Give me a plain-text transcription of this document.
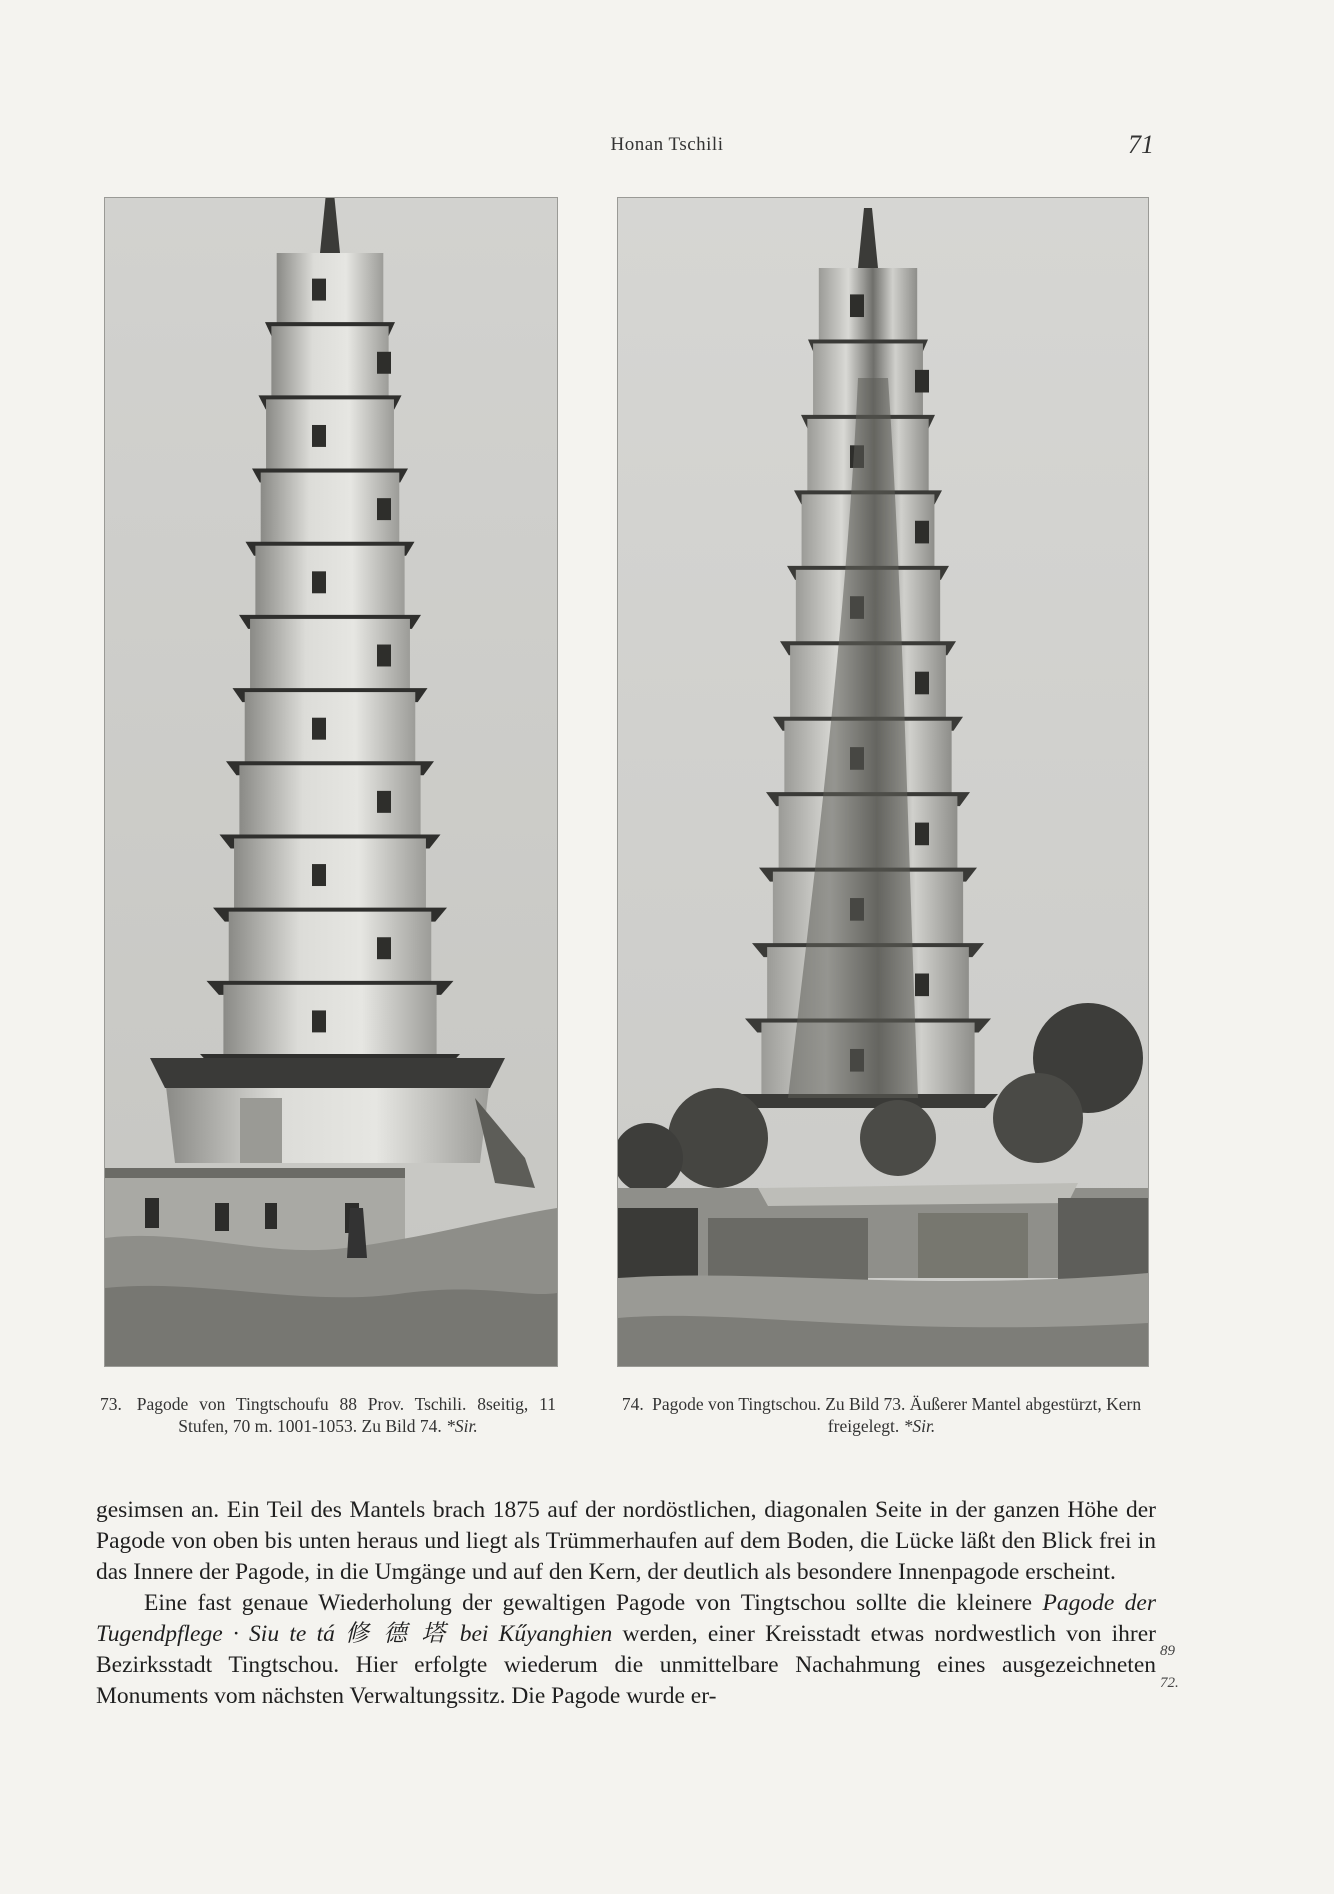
Honan Tschili	71
73. Pagode von Tingtschoufu 88 Prov. Tschili. 8seitig, 11 Stufen, 70 m. 1001-1053. Zu Bild 74. *Sir.
74. Pagode von Tingtschou. Zu Bild 73. Äußerer Mantel abgestürzt, Kern freigelegt. *Sir.

gesimsen an. Ein Teil des Mantels brach 1875 auf der nordöstlichen, diagonalen Seite in der ganzen Höhe der Pagode von oben bis unten heraus und liegt als Trümmerhaufen auf dem Boden, die Lücke läßt den Blick frei in das Innere der Pagode, in die Umgänge und auf den Kern, der deutlich als besondere Innenpagode erscheint.

Eine fast genaue Wiederholung der gewaltigen Pagode von Tingtschou sollte die kleinere Pagode der Tugendpflege · Siu te tá 修 德 塔 bei Kűyanghien werden, einer Kreisstadt etwas nordwestlich von ihrer Bezirksstadt Tingtschou. Hier erfolgte wiederum die unmittelbare Nachahmung eines ausgezeichneten Monuments vom nächsten Verwaltungssitz. Die Pagode wurde er-

89
72.
